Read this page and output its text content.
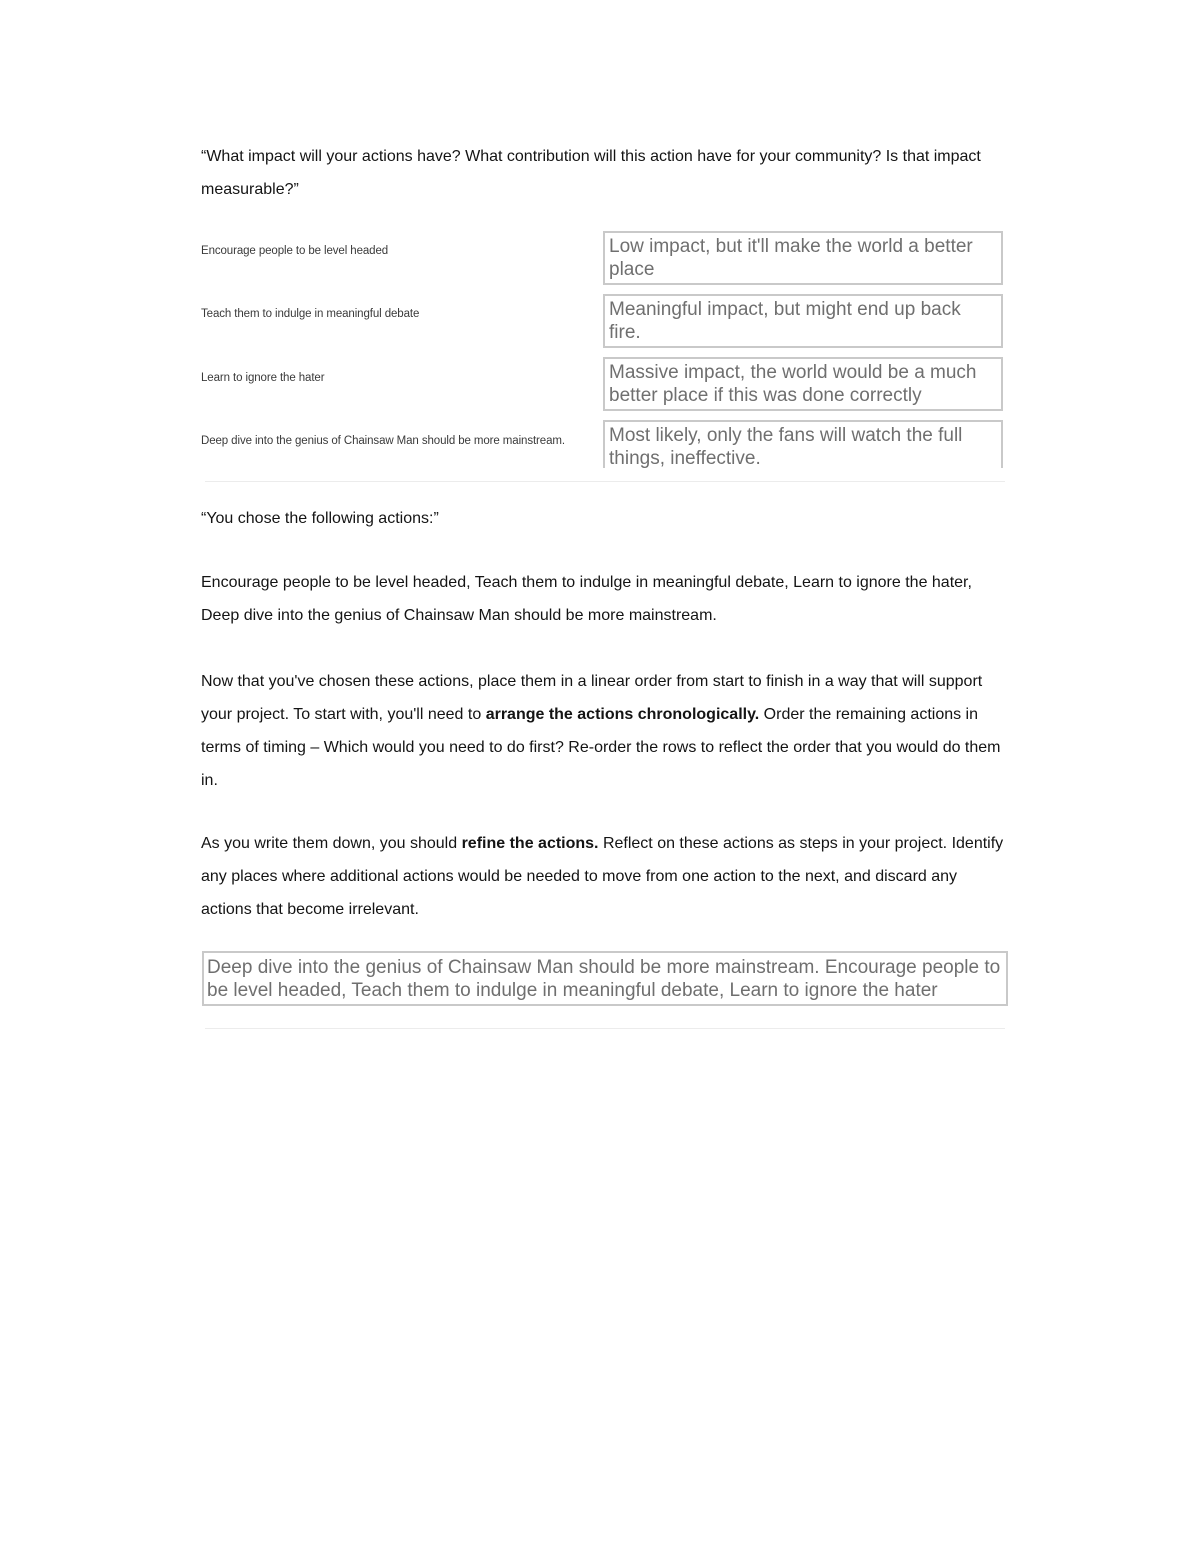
“What impact will your actions have? What contribution will this action have for your community? Is that impact measurable?”

Encourage people to be level headed	Low impact, but it'll make the world a better place
Teach them to indulge in meaningful debate	Meaningful impact, but might end up back fire.
Learn to ignore the hater	Massive impact, the world would be a much better place if this was done correctly
Deep dive into the genius of Chainsaw Man should be more mainstream.	Most likely, only the fans will watch the full things, ineffective.

“You chose the following actions:”

Encourage people to be level headed, Teach them to indulge in meaningful debate, Learn to ignore the hater, Deep dive into the genius of Chainsaw Man should be more mainstream.

Now that you've chosen these actions, place them in a linear order from start to finish in a way that will support your project. To start with, you'll need to arrange the actions chronologically. Order the remaining actions in terms of timing – Which would you need to do first? Re-order the rows to reflect the order that you would do them in.

As you write them down, you should refine the actions. Reflect on these actions as steps in your project. Identify any places where additional actions would be needed to move from one action to the next, and discard any actions that become irrelevant.

Deep dive into the genius of Chainsaw Man should be more mainstream. Encourage people to be level headed, Teach them to indulge in meaningful debate, Learn to ignore the hater
